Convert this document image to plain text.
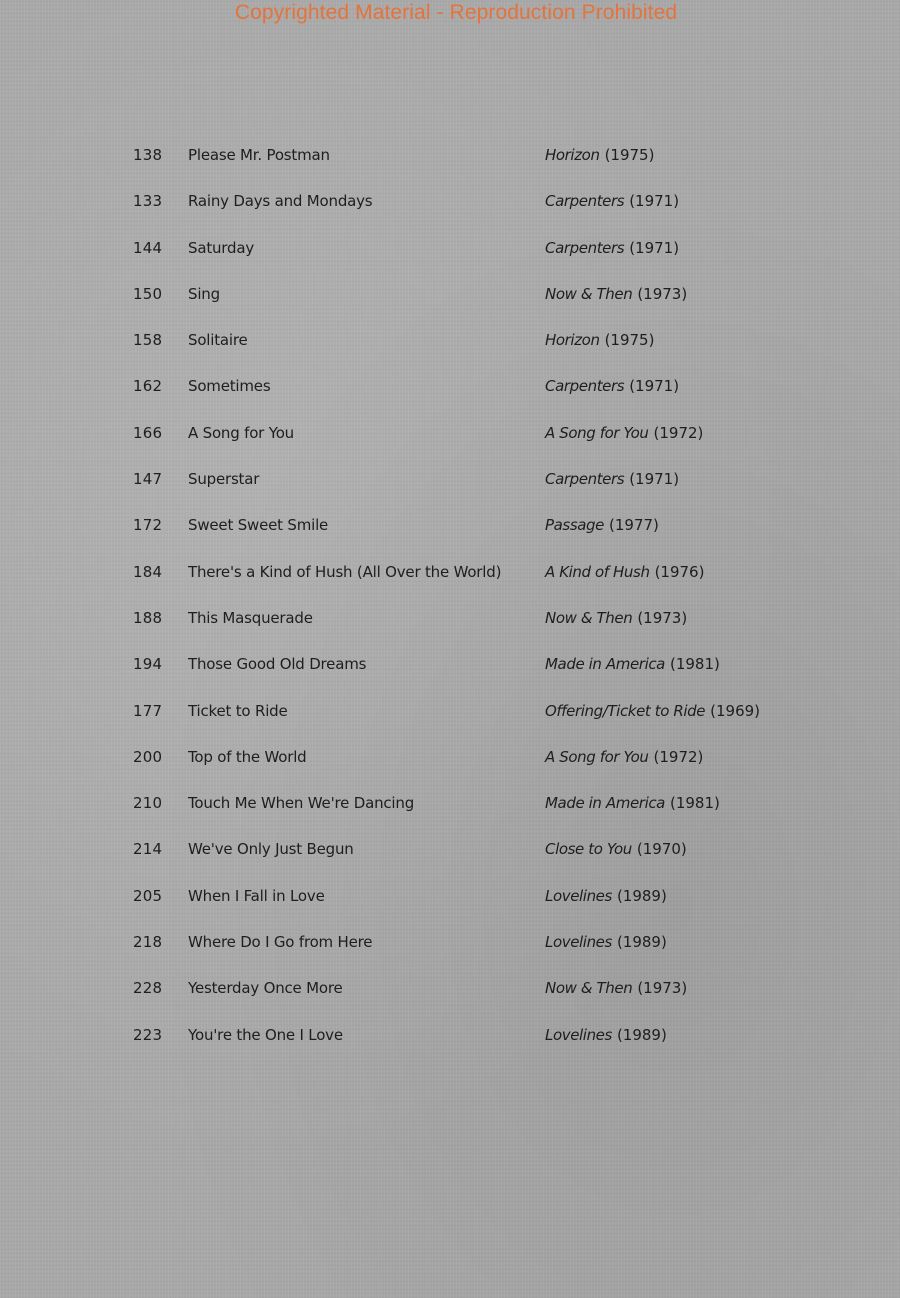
Copyrighted Material - Reproduction Prohibited
138 Please Mr. Postman	Horizon (1975)
133 Rainy Days and Mondays	Carpenters (1971)
144 Saturday	Carpenters (1971)
150 Sing	Now & Then (1973)
158 Solitaire	Horizon (1975)
162 Sometimes	Carpenters (1971)
166 A Song for You	A Song for You (1972)
147 Superstar	Carpenters (1971)
172 Sweet Sweet Smile	Passage (1977)
184 There's a Kind of Hush (All Over the World)	A Kind of Hush (1976)
188 This Masquerade	Now & Then (1973)
194 Those Good Old Dreams	Made in America (1981)
177 Ticket to Ride	Offering/Ticket to Ride (1969)
200 Top of the World	A Song for You (1972)
210 Touch Me When We're Dancing	Made in America (1981)
214 We've Only Just Begun	Close to You (1970)
205 When I Fall in Love	Lovelines (1989)
218 Where Do I Go from Here	Lovelines (1989)
228 Yesterday Once More	Now & Then (1973)
223 You're the One I Love	Lovelines (1989)
